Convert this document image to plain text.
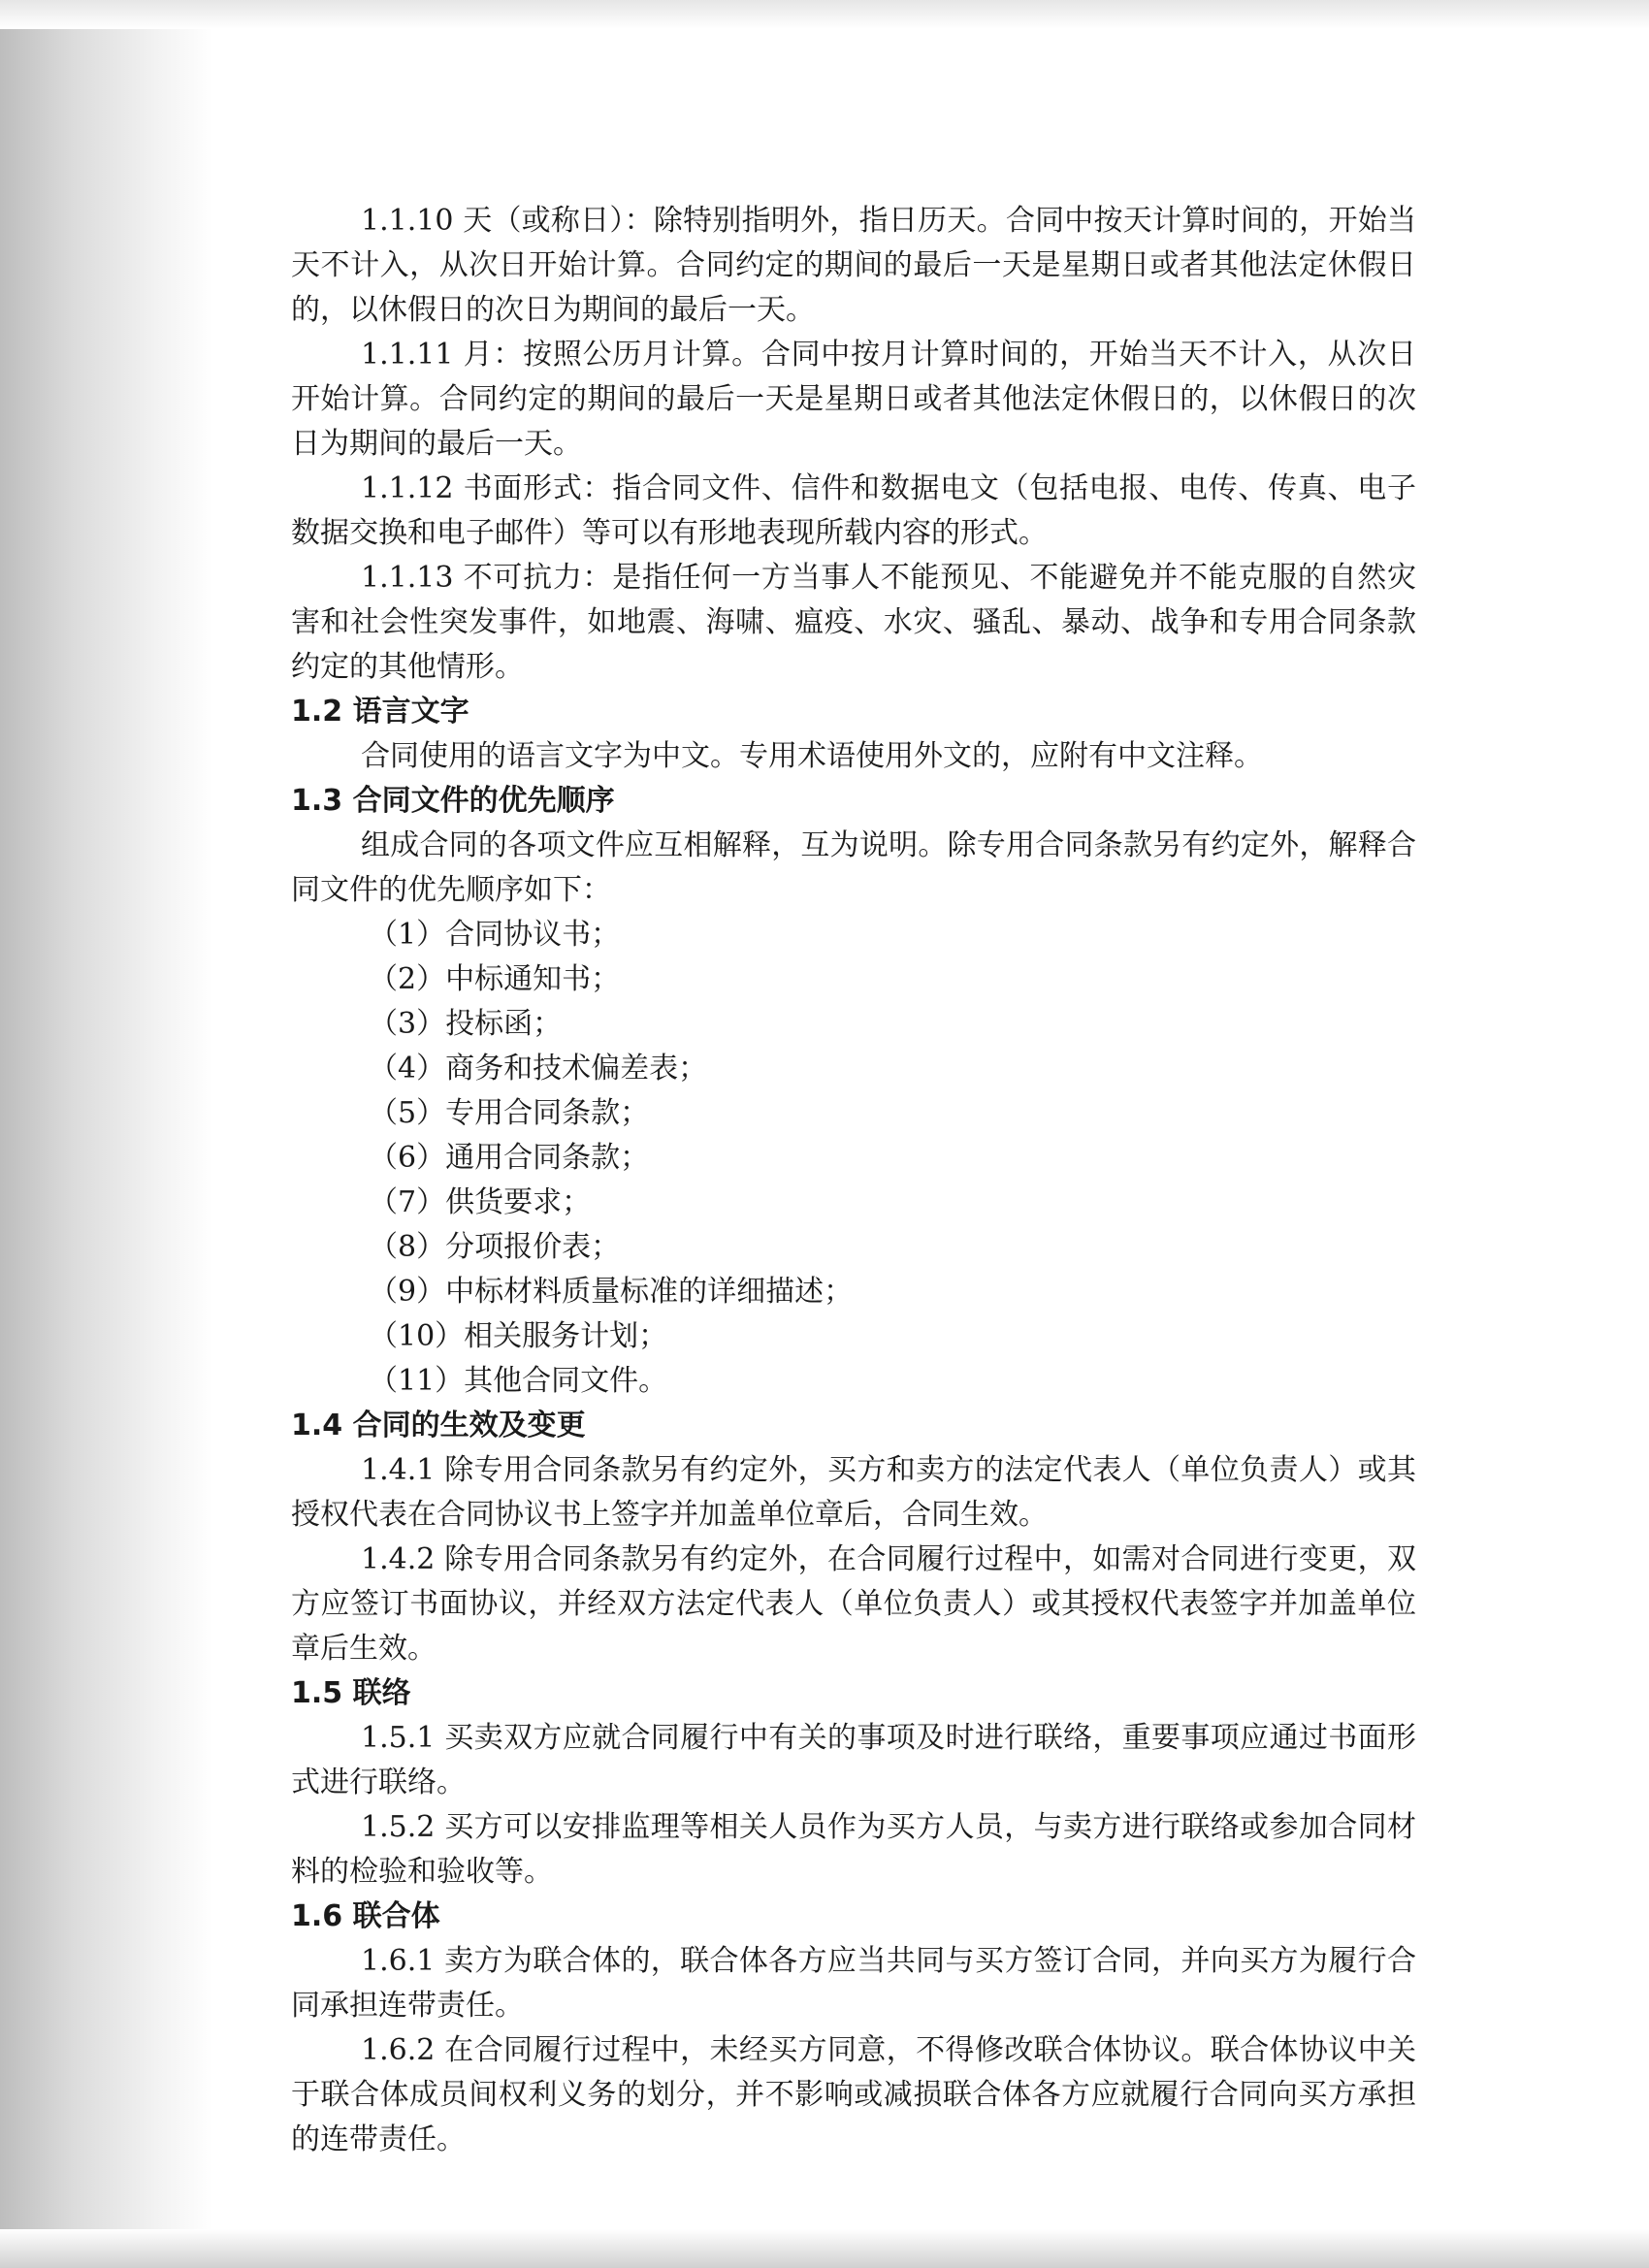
1.1.10 天（或称日）：除特别指明外，指日历天。合同中按天计算时间的，开始当天不计入，从次日开始计算。合同约定的期间的最后一天是星期日或者其他法定休假日的，以休假日的次日为期间的最后一天。

1.1.11 月：按照公历月计算。合同中按月计算时间的，开始当天不计入，从次日开始计算。合同约定的期间的最后一天是星期日或者其他法定休假日的，以休假日的次日为期间的最后一天。

1.1.12 书面形式：指合同文件、信件和数据电文（包括电报、电传、传真、电子数据交换和电子邮件）等可以有形地表现所载内容的形式。

1.1.13 不可抗力：是指任何一方当事人不能预见、不能避免并不能克服的自然灾害和社会性突发事件，如地震、海啸、瘟疫、水灾、骚乱、暴动、战争和专用合同条款约定的其他情形。

1.2 语言文字

合同使用的语言文字为中文。专用术语使用外文的，应附有中文注释。

1.3 合同文件的优先顺序

组成合同的各项文件应互相解释，互为说明。除专用合同条款另有约定外，解释合同文件的优先顺序如下：

（1）合同协议书；

（2）中标通知书；

（3）投标函；

（4）商务和技术偏差表；

（5）专用合同条款；

（6）通用合同条款；

（7）供货要求；

（8）分项报价表；

（9）中标材料质量标准的详细描述；

（10）相关服务计划；

（11）其他合同文件。

1.4 合同的生效及变更

1.4.1 除专用合同条款另有约定外，买方和卖方的法定代表人（单位负责人）或其授权代表在合同协议书上签字并加盖单位章后，合同生效。

1.4.2 除专用合同条款另有约定外，在合同履行过程中，如需对合同进行变更，双方应签订书面协议，并经双方法定代表人（单位负责人）或其授权代表签字并加盖单位章后生效。

1.5 联络

1.5.1 买卖双方应就合同履行中有关的事项及时进行联络，重要事项应通过书面形式进行联络。

1.5.2 买方可以安排监理等相关人员作为买方人员，与卖方进行联络或参加合同材料的检验和验收等。

1.6 联合体

1.6.1 卖方为联合体的，联合体各方应当共同与买方签订合同，并向买方为履行合同承担连带责任。

1.6.2 在合同履行过程中，未经买方同意，不得修改联合体协议。联合体协议中关于联合体成员间权利义务的划分，并不影响或减损联合体各方应就履行合同向买方承担的连带责任。
